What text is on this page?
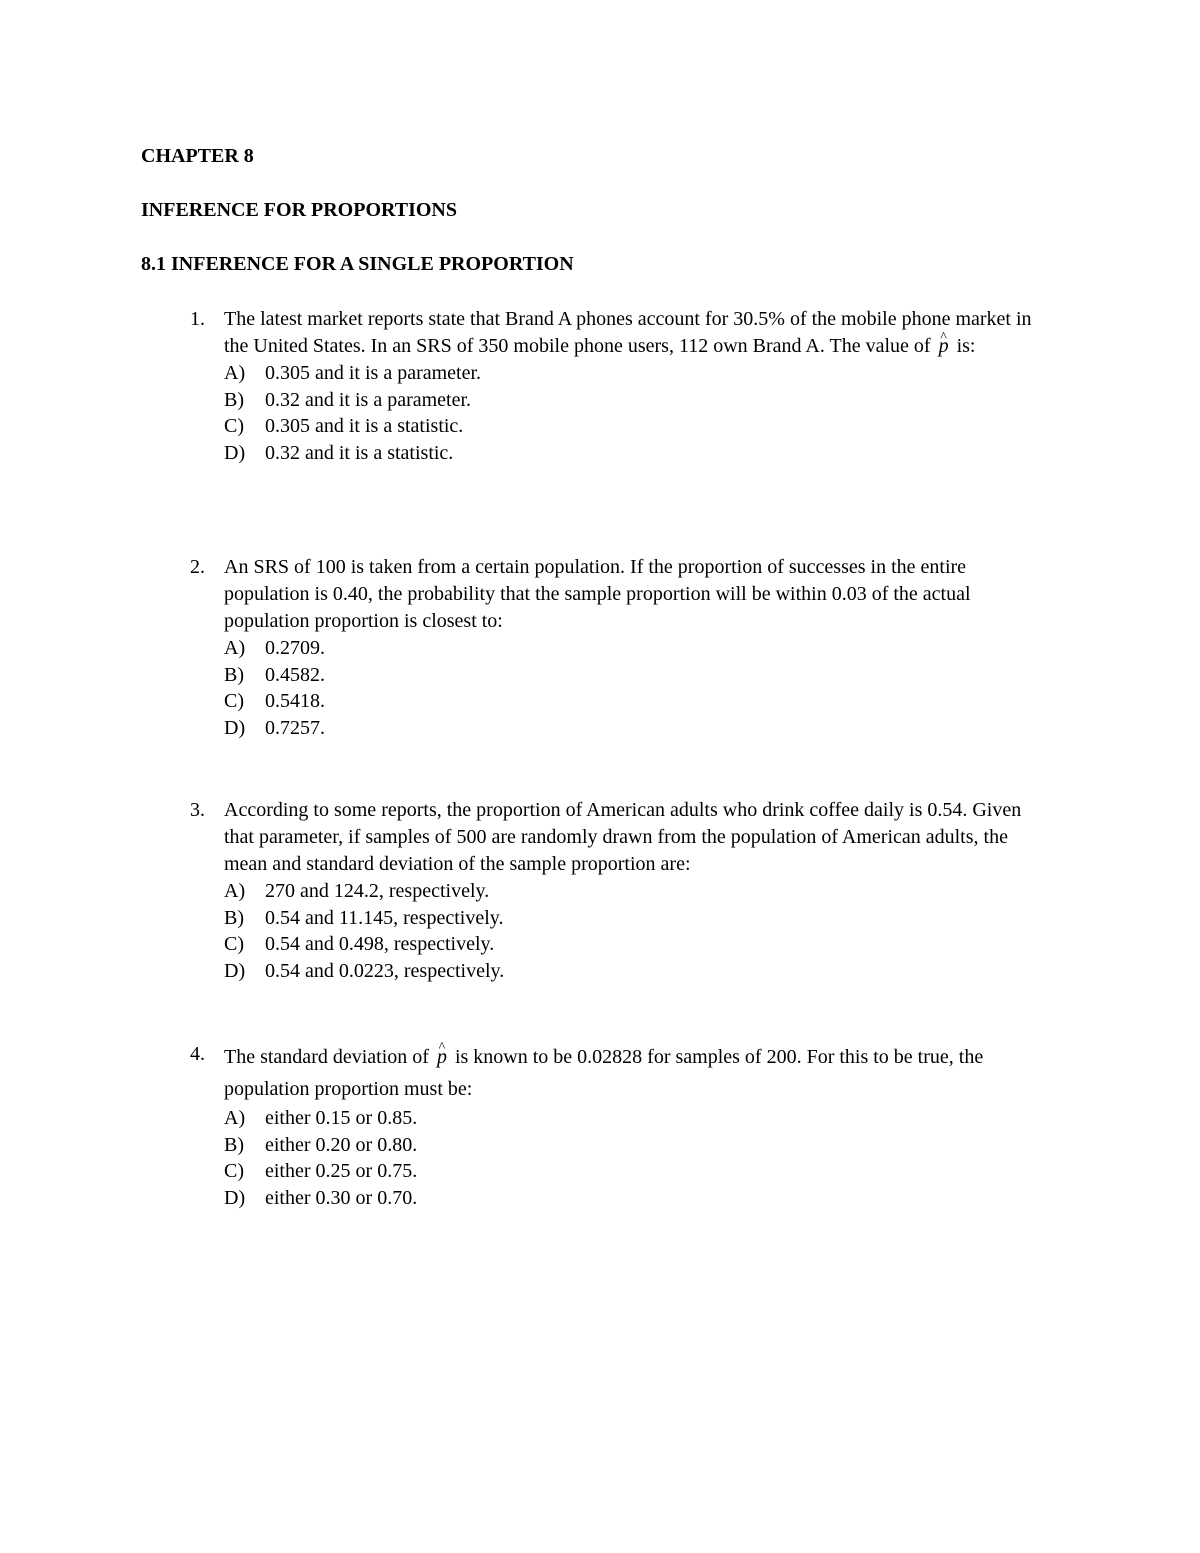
CHAPTER 8
INFERENCE FOR PROPORTIONS
8.1 INFERENCE FOR A SINGLE PROPORTION
1. The latest market reports state that Brand A phones account for 30.5% of the mobile phone market in the United States. In an SRS of 350 mobile phone users, 112 own Brand A. The value of ^ p is:
A) 0.305 and it is a parameter.
B) 0.32 and it is a parameter.
C) 0.305 and it is a statistic.
D) 0.32 and it is a statistic.
2. An SRS of 100 is taken from a certain population. If the proportion of successes in the entire population is 0.40, the probability that the sample proportion will be within 0.03 of the actual population proportion is closest to:
A) 0.2709.
B) 0.4582.
C) 0.5418.
D) 0.7257.
3. According to some reports, the proportion of American adults who drink coffee daily is 0.54. Given that parameter, if samples of 500 are randomly drawn from the population of American adults, the mean and standard deviation of the sample proportion are:
A) 270 and 124.2, respectively.
B) 0.54 and 11.145, respectively.
C) 0.54 and 0.498, respectively.
D) 0.54 and 0.0223, respectively.
4. The standard deviation of ^ p is known to be 0.02828 for samples of 200. For this to be true, the population proportion must be:
A) either 0.15 or 0.85.
B) either 0.20 or 0.80.
C) either 0.25 or 0.75.
D) either 0.30 or 0.70.
